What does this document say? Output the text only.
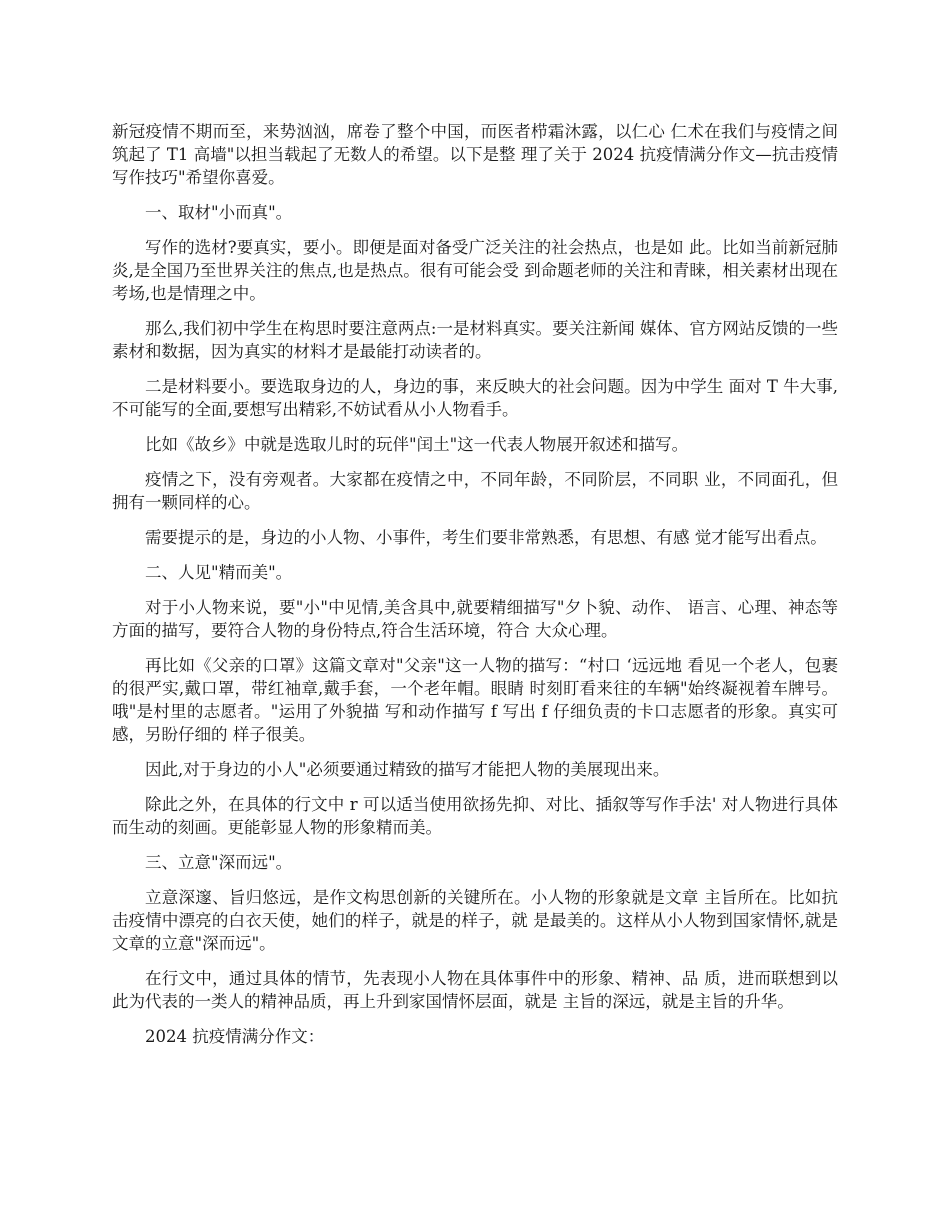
新冠疫情不期而至，来势汹汹，席卷了整个中国，而医者栉霜沐露，以仁心 仁术在我们与疫情之间筑起了 T1 高墙"以担当载起了无数人的希望。以下是整 理了关于 2024 抗疫情满分作文—抗击疫情写作技巧"希望你喜爱。

一、取材"小而真"。

写作的选材?要真实，要小。即便是面对备受广泛关注的社会热点，也是如 此。比如当前新冠肺炎,是全国乃至世界关注的焦点,也是热点。很有可能会受 到命题老师的关注和青睐，相关素材出现在考场,也是情理之中。

那么,我们初中学生在构思时要注意两点:一是材料真实。要关注新闻 媒体、官方网站反馈的一些素材和数据，因为真实的材料才是最能打动读者的。

二是材料要小。要选取身边的人，身边的事，来反映大的社会问题。因为中学生 面对 T 牛大事,不可能写的全面,要想写出精彩,不妨试看从小人物看手。

比如《故乡》中就是选取儿时的玩伴"闰土"这一代表人物展开叙述和描写。

疫情之下，没有旁观者。大家都在疫情之中，不同年龄，不同阶层，不同职 业，不同面孔，但拥有一颗同样的心。

需要提示的是，身边的小人物、小事件，考生们要非常熟悉，有思想、有感 觉才能写出看点。

二、人见"精而美"。

对于小人物来说，要"小"中见情,美含具中,就要精细描写"夕卜貌、动作、 语言、心理、神态等方面的描写，要符合人物的身份特点,符合生活环境，符合 大众心理。

再比如《父亲的口罩》这篇文章对"父亲"这一人物的描写：“村口 ‘远远地 看见一个老人，包裹的很严实,戴口罩，带红袖章,戴手套，一个老年帽。眼睛 时刻盯看来往的车辆"始终凝视着车牌号。哦"是村里的志愿者。"运用了外貌描 写和动作描写 f 写出 f 仔细负责的卡口志愿者的形象。真实可感，另盼仔细的 样子很美。

因此,对于身边的小人"必须要通过精致的描写才能把人物的美展现出来。

除此之外，在具体的行文中 r 可以适当使用欲扬先抑、对比、插叙等写作手法' 对人物进行具体而生动的刻画。更能彰显人物的形象精而美。

三、立意"深而远"。

立意深邃、旨归悠远，是作文构思创新的关键所在。小人物的形象就是文章 主旨所在。比如抗击疫情中漂亮的白衣天使，她们的样子，就是的样子，就 是最美的。这样从小人物到国家情怀,就是文章的立意"深而远"。

在行文中，通过具体的情节，先表现小人物在具体事件中的形象、精神、品 质，进而联想到以此为代表的一类人的精神品质，再上升到家国情怀层面，就是 主旨的深远，就是主旨的升华。

2024 抗疫情满分作文：
